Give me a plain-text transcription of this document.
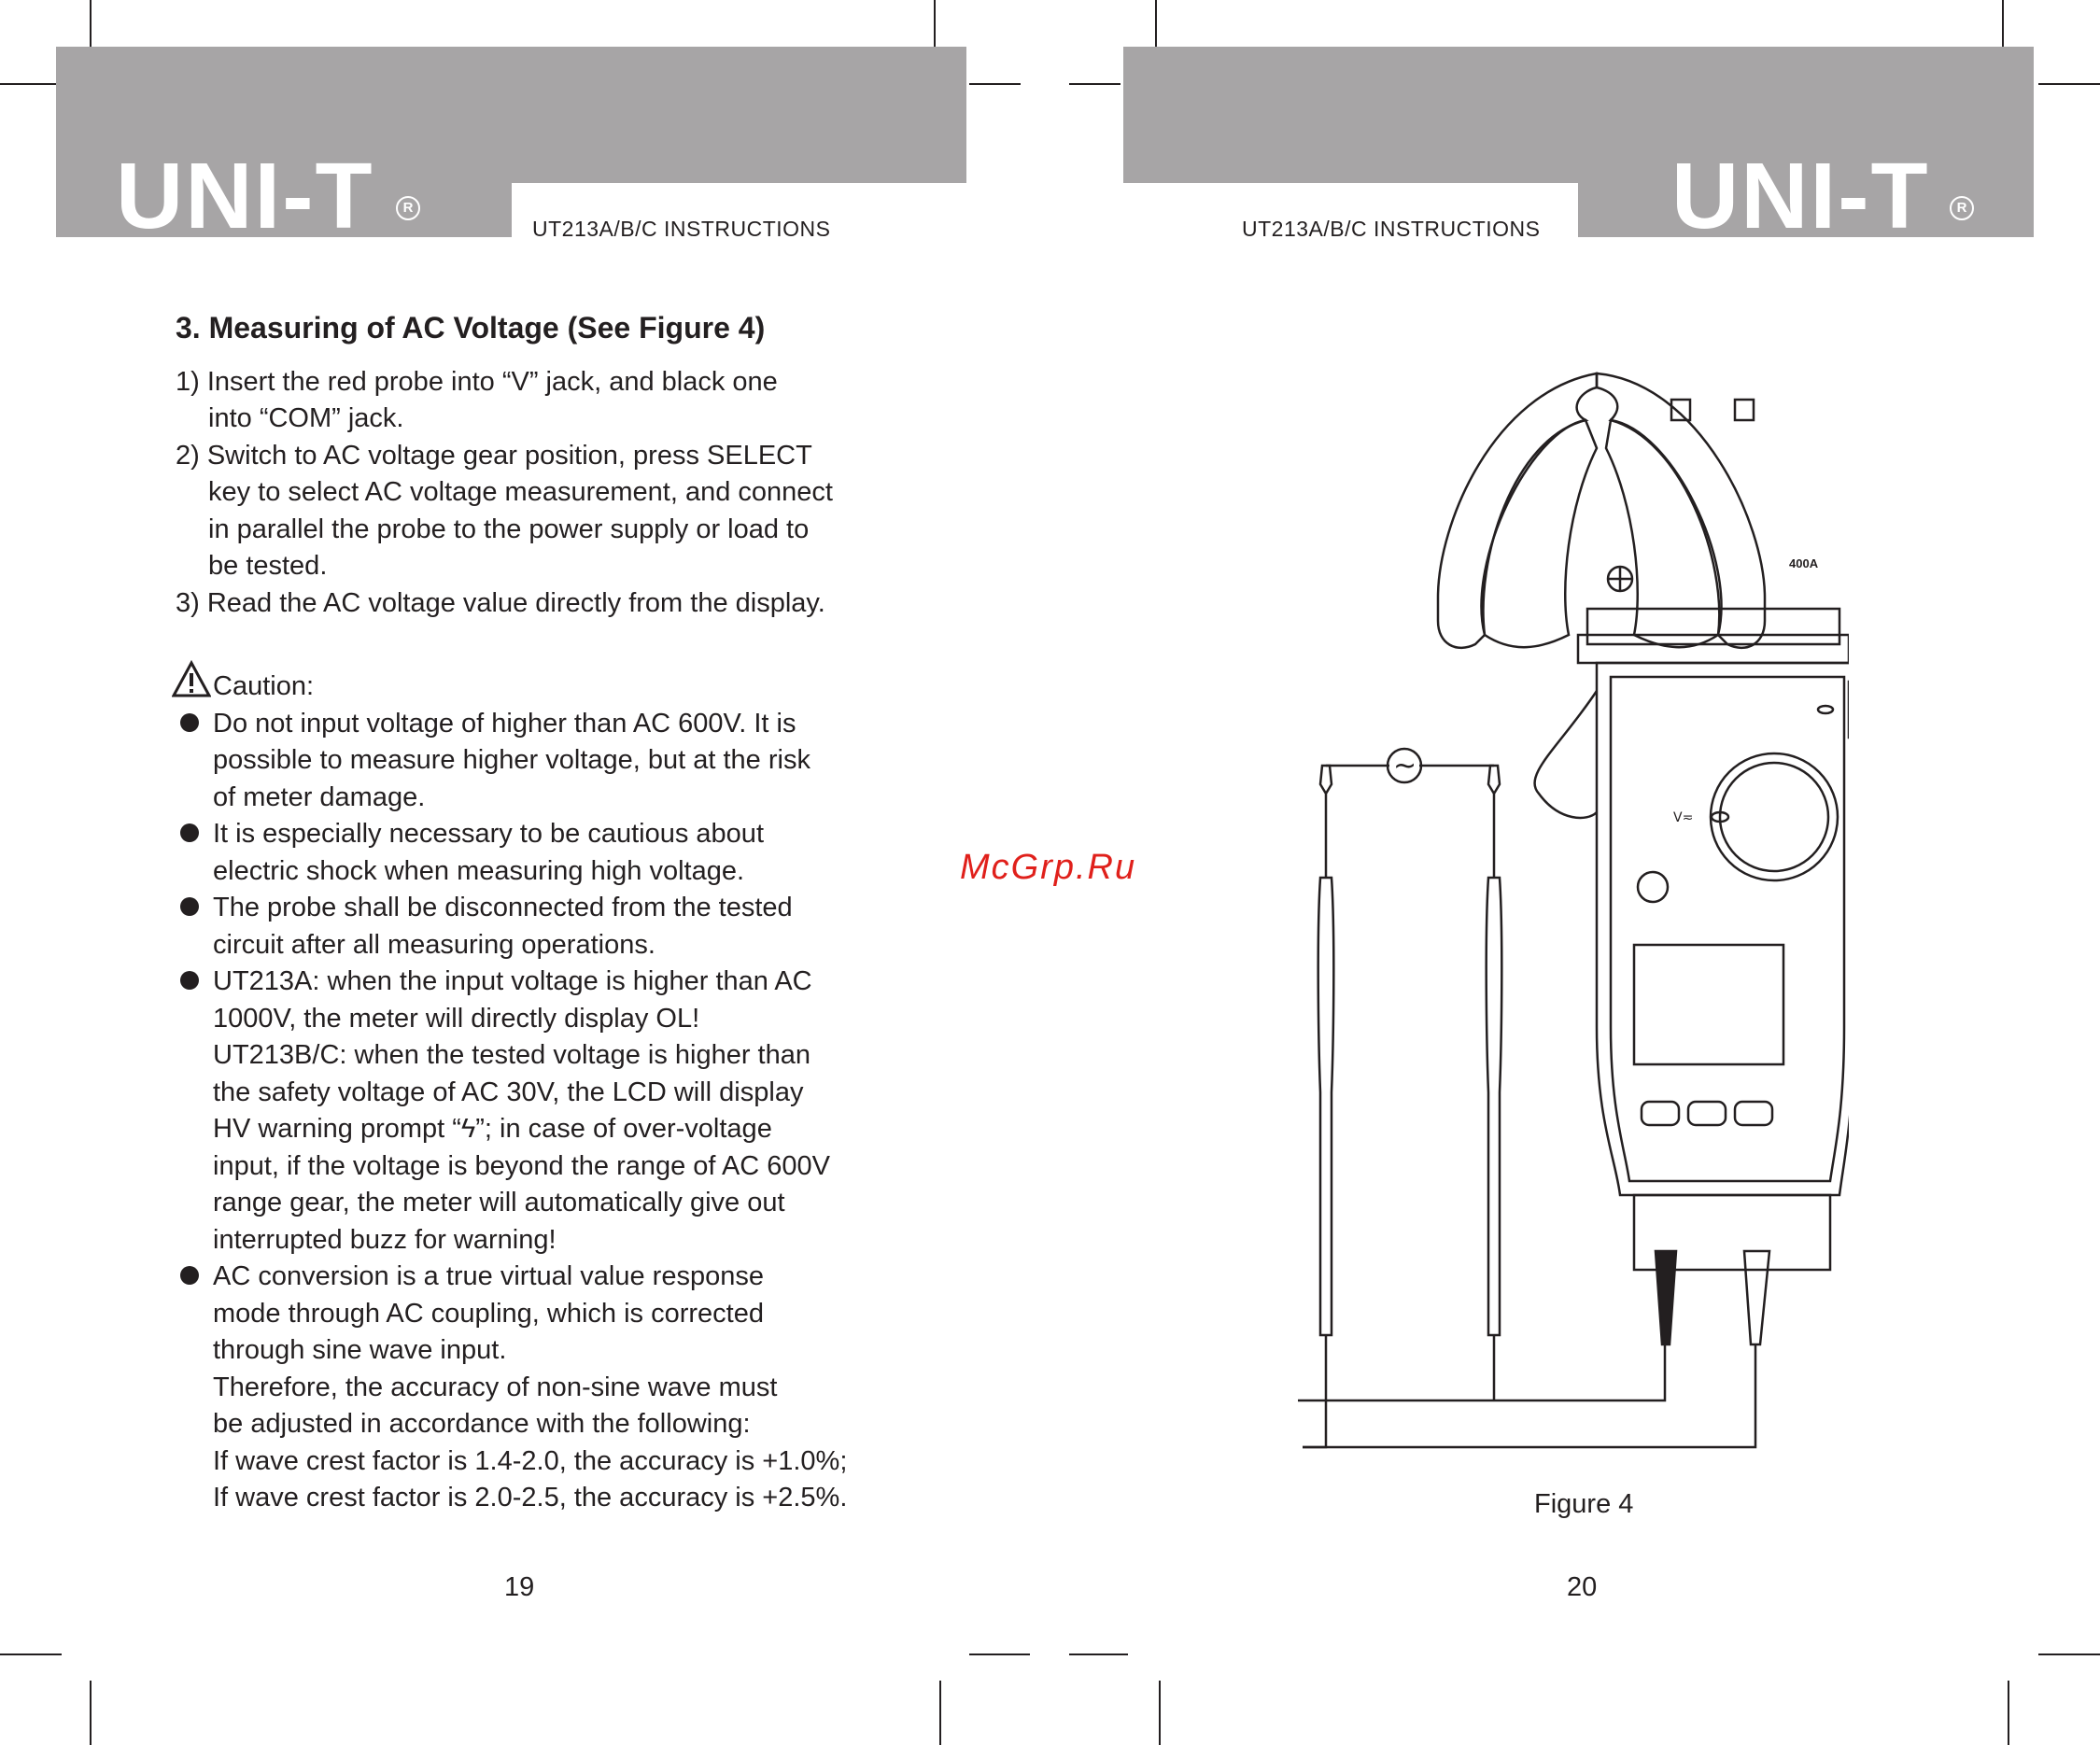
UNI-T	R
UT213A/B/C INSTRUCTIONS	UNI-T	R
UT213A/B/C INSTRUCTIONS
3. Measuring of AC Voltage (See Figure 4)
1) Insert the red probe into “V” jack, and black one
into “COM” jack.
2) Switch to AC voltage gear position, press SELECT
key to select AC voltage measurement, and connect
in parallel the probe to the power supply or load to
be tested.
3) Read the AC voltage value directly from the display.
Caution:
Do not input voltage of higher than AC 600V. It is
possible to measure higher voltage, but at the risk
of meter damage.
It is especially necessary to be cautious about
electric shock when measuring high voltage.
The probe shall be disconnected from the tested
circuit after all measuring operations.
UT213A: when the input voltage is higher than AC
1000V, the meter will directly display OL!
UT213B/C: when the tested voltage is higher than
the safety voltage of AC 30V, the LCD will display
HV warning prompt “ϟ”; in case of over-voltage
input, if the voltage is beyond the range of AC 600V
range gear, the meter will automatically give out
interrupted buzz for warning!
AC conversion is a true virtual value response
mode through AC coupling, which is corrected
through sine wave input.
Therefore, the accuracy of non-sine wave must
be adjusted in accordance with the following:
If wave crest factor is 1.4-2.0, the accuracy is +1.0%;
If wave crest factor is 2.0-2.5, the accuracy is +2.5%.
19
McGrp.Ru
~
400A
V≂
Figure 4
20
